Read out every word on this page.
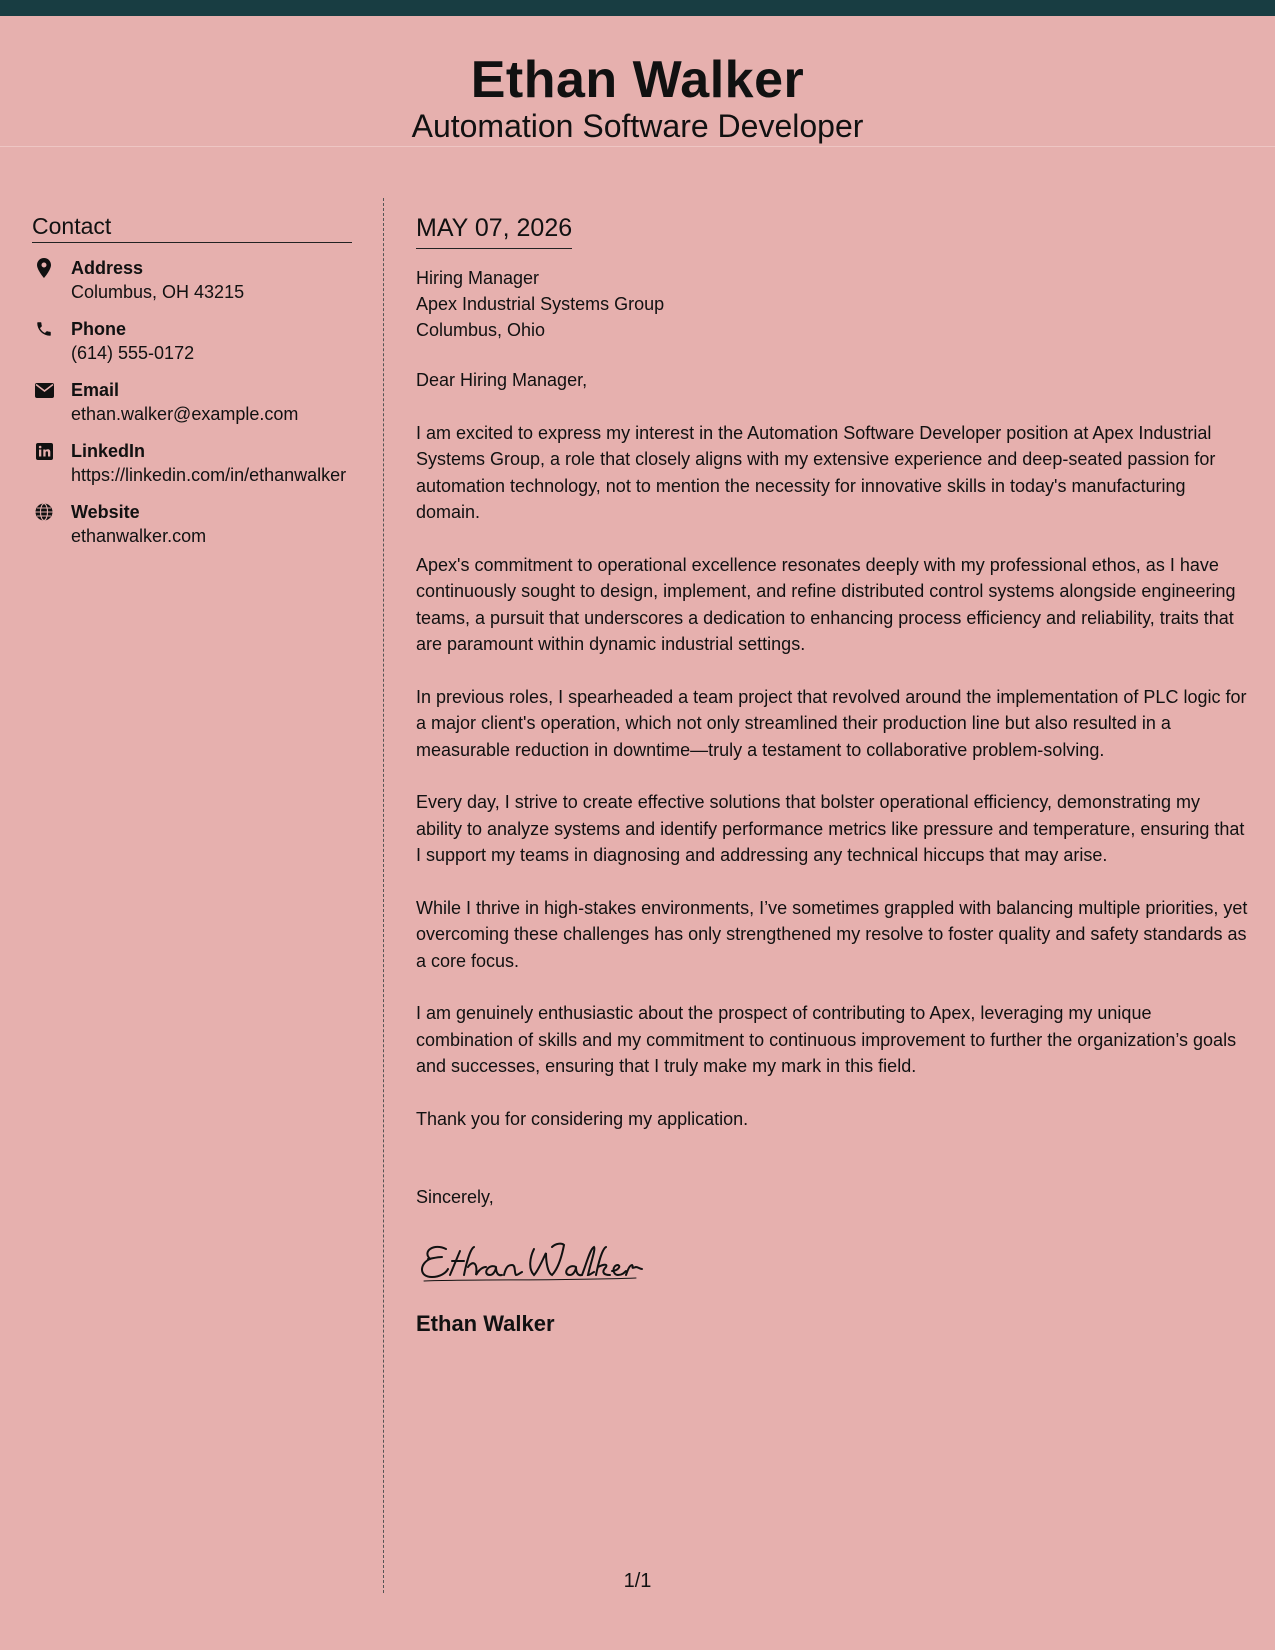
Ethan Walker
Automation Software Developer
Contact
Address
Columbus, OH 43215
Phone
(614) 555-0172
Email
ethan.walker@example.com
LinkedIn
https://linkedin.com/in/ethanwalker
Website
ethanwalker.com
MAY 07, 2026
Hiring Manager
Apex Industrial Systems Group
Columbus, Ohio
Dear Hiring Manager,
I am excited to express my interest in the Automation Software Developer position at Apex Industrial Systems Group, a role that closely aligns with my extensive experience and deep-seated passion for automation technology, not to mention the necessity for innovative skills in today's manufacturing domain.
Apex's commitment to operational excellence resonates deeply with my professional ethos, as I have continuously sought to design, implement, and refine distributed control systems alongside engineering teams, a pursuit that underscores a dedication to enhancing process efficiency and reliability, traits that are paramount within dynamic industrial settings.
In previous roles, I spearheaded a team project that revolved around the implementation of PLC logic for a major client's operation, which not only streamlined their production line but also resulted in a measurable reduction in downtime—truly a testament to collaborative problem-solving.
Every day, I strive to create effective solutions that bolster operational efficiency, demonstrating my ability to analyze systems and identify performance metrics like pressure and temperature, ensuring that I support my teams in diagnosing and addressing any technical hiccups that may arise.
While I thrive in high-stakes environments, I’ve sometimes grappled with balancing multiple priorities, yet overcoming these challenges has only strengthened my resolve to foster quality and safety standards as a core focus.
I am genuinely enthusiastic about the prospect of contributing to Apex, leveraging my unique combination of skills and my commitment to continuous improvement to further the organization’s goals and successes, ensuring that I truly make my mark in this field.
Thank you for considering my application.
Sincerely,
Ethan Walker
1/1
